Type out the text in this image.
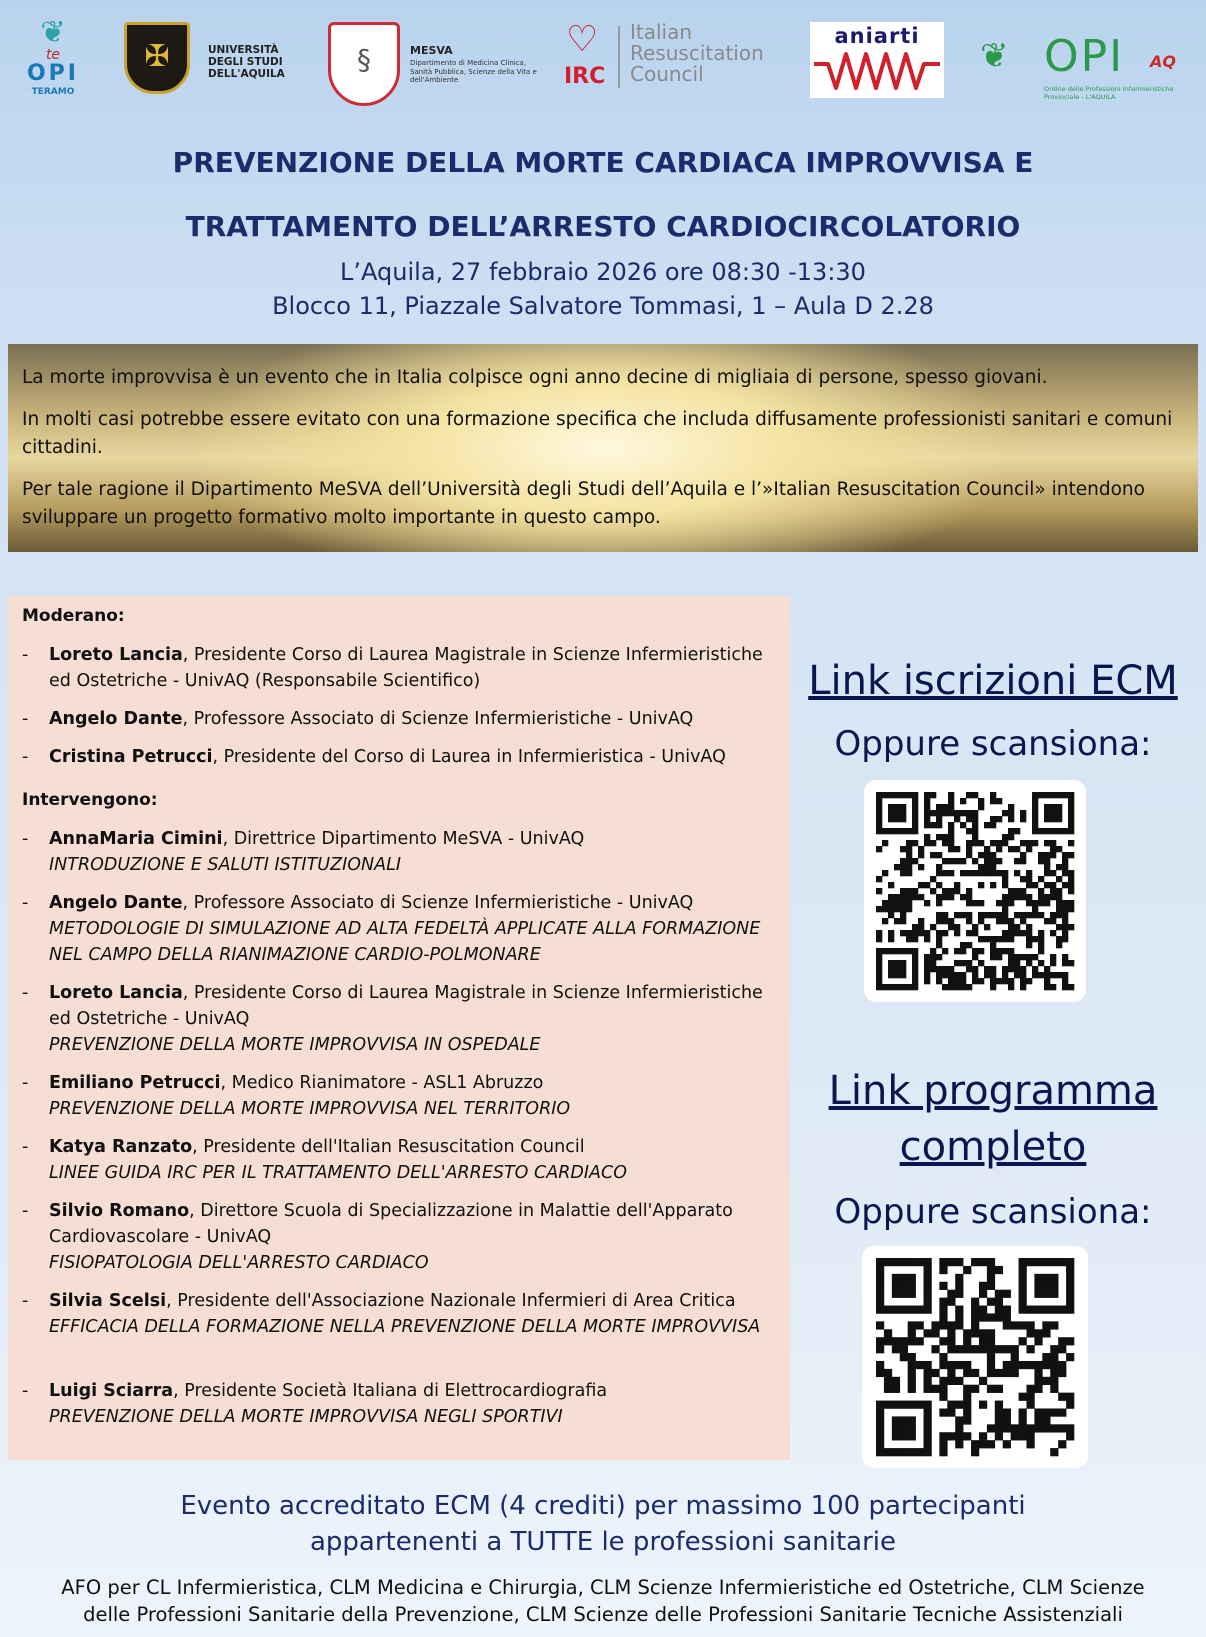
❦
te
OPI
TERAMO
✠	UNIVERSITÀ DEGLI STUDI DELL'AQUILA	§	MESVA
Dipartimento di Medicina Clinica, Sanità Pubblica, Scienze della Vita e dell'Ambiente
♡
IRC
Italian Resuscitation Council
aniarti	❦ OPI AQ
Ordine delle Professioni Infermieristiche Provinciale - L'AQUILA
PREVENZIONE DELLA MORTE CARDIACA IMPROVVISA E
TRATTAMENTO DELL’ARRESTO CARDIOCIRCOLATORIO
L’Aquila, 27 febbraio 2026 ore 08:30 -13:30
Blocco 11, Piazzale Salvatore Tommasi, 1 – Aula D 2.28

La morte improvvisa è un evento che in Italia colpisce ogni anno decine di migliaia di persone, spesso giovani.

In molti casi potrebbe essere evitato con una formazione specifica che includa diffusamente professionisti sanitari e comuni cittadini.

Per tale ragione il Dipartimento MeSVA dell’Università degli Studi dell’Aquila e l’»Italian Resuscitation Council» intendono sviluppare un progetto formativo molto importante in questo campo.

Moderano:
- Loreto Lancia, Presidente Corso di Laurea Magistrale in Scienze Infermieristiche ed Ostetriche - UnivAQ (Responsabile Scientifico)
- Angelo Dante, Professore Associato di Scienze Infermieristiche - UnivAQ
- Cristina Petrucci, Presidente del Corso di Laurea in Infermieristica - UnivAQ
Intervengono:
- AnnaMaria Cimini, Direttrice Dipartimento MeSVA - UnivAQ
INTRODUZIONE E SALUTI ISTITUZIONALI
- Angelo Dante, Professore Associato di Scienze Infermieristiche - UnivAQ
METODOLOGIE DI SIMULAZIONE AD ALTA FEDELTÀ APPLICATE ALLA FORMAZIONE NEL CAMPO DELLA RIANIMAZIONE CARDIO-POLMONARE
- Loreto Lancia, Presidente Corso di Laurea Magistrale in Scienze Infermieristiche ed Ostetriche - UnivAQ
PREVENZIONE DELLA MORTE IMPROVVISA IN OSPEDALE
- Emiliano Petrucci, Medico Rianimatore - ASL1 Abruzzo
PREVENZIONE DELLA MORTE IMPROVVISA NEL TERRITORIO
- Katya Ranzato, Presidente dell'Italian Resuscitation Council
LINEE GUIDA IRC PER IL TRATTAMENTO DELL'ARRESTO CARDIACO
- Silvio Romano, Direttore Scuola di Specializzazione in Malattie dell'Apparato Cardiovascolare - UnivAQ
FISIOPATOLOGIA DELL'ARRESTO CARDIACO
- Silvia Scelsi, Presidente dell'Associazione Nazionale Infermieri di Area Critica
EFFICACIA DELLA FORMAZIONE NELLA PREVENZIONE DELLA MORTE IMPROVVISA
- Luigi Sciarra, Presidente Società Italiana di Elettrocardiografia
PREVENZIONE DELLA MORTE IMPROVVISA NEGLI SPORTIVI
Link iscrizioni ECM
Oppure scansiona:
Link programma
completo
Oppure scansiona:
Evento accreditato ECM (4 crediti) per massimo 100 partecipanti
appartenenti a TUTTE le professioni sanitarie
AFO per CL Infermieristica, CLM Medicina e Chirurgia, CLM Scienze Infermieristiche ed Ostetriche, CLM Scienze
delle Professioni Sanitarie della Prevenzione, CLM Scienze delle Professioni Sanitarie Tecniche Assistenziali
